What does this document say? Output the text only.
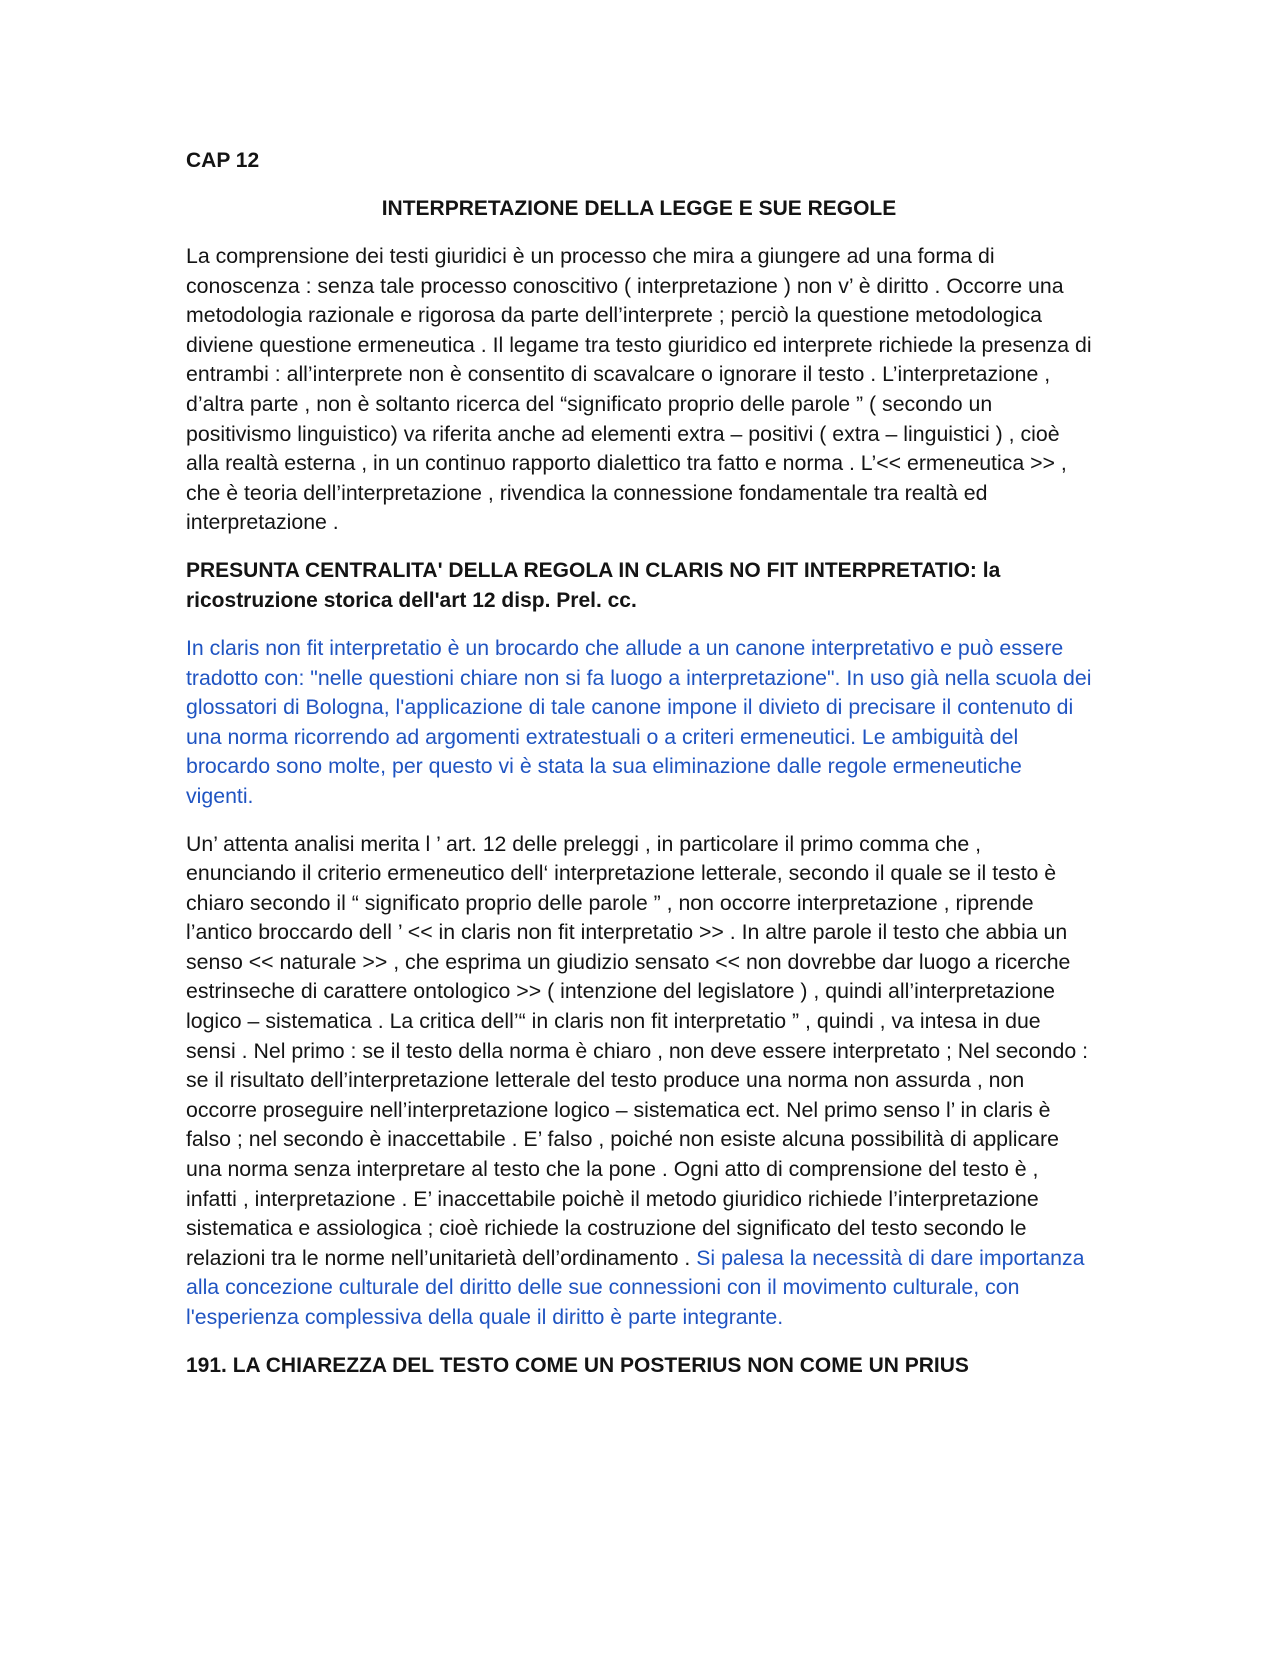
CAP 12
INTERPRETAZIONE DELLA LEGGE E SUE REGOLE
La comprensione dei testi giuridici è un processo che mira a giungere ad una forma di conoscenza : senza tale processo conoscitivo ( interpretazione ) non v’ è diritto . Occorre una metodologia razionale e rigorosa da parte dell’interprete ; perciò la questione metodologica diviene questione ermeneutica . Il legame tra testo giuridico ed interprete richiede la presenza di entrambi : all’interprete non è consentito di scavalcare o ignorare il testo . L’interpretazione , d’altra parte , non è soltanto ricerca del “significato proprio delle parole ” ( secondo un positivismo linguistico) va riferita anche ad elementi extra – positivi ( extra – linguistici ) , cioè alla realtà esterna , in un continuo rapporto dialettico tra fatto e norma . L’<< ermeneutica >> , che è teoria dell’interpretazione , rivendica la connessione fondamentale tra realtà ed interpretazione .
PRESUNTA CENTRALITA' DELLA REGOLA IN CLARIS NO FIT INTERPRETATIO: la ricostruzione storica dell'art 12 disp. Prel. cc.
In claris non fit interpretatio è un brocardo che allude a un canone interpretativo e può essere tradotto con: "nelle questioni chiare non si fa luogo a interpretazione". In uso già nella scuola dei glossatori di Bologna, l'applicazione di tale canone impone il divieto di precisare il contenuto di una norma ricorrendo ad argomenti extratestuali o a criteri ermeneutici. Le ambiguità del brocardo sono molte, per questo vi è stata la sua eliminazione dalle regole ermeneutiche vigenti.
Un’ attenta analisi merita l ’ art. 12 delle preleggi , in particolare il primo comma che , enunciando il criterio ermeneutico dell‘ interpretazione letterale, secondo il quale se il testo è chiaro secondo il “ significato proprio delle parole ” , non occorre interpretazione , riprende l’antico broccardo dell ’ << in claris non fit interpretatio >> . In altre parole il testo che abbia un senso << naturale >> , che esprima un giudizio sensato << non dovrebbe dar luogo a ricerche estrinseche di carattere ontologico >> ( intenzione del legislatore ) , quindi all’interpretazione logico – sistematica . La critica dell’“ in claris non fit interpretatio ” , quindi , va intesa in due sensi . Nel primo : se il testo della norma è chiaro , non deve essere interpretato ; Nel secondo : se il risultato dell’interpretazione letterale del testo produce una norma non assurda , non occorre proseguire nell’interpretazione logico – sistematica ect. Nel primo senso l’ in claris è falso ; nel secondo è inaccettabile . E’ falso , poiché non esiste alcuna possibilità di applicare una norma senza interpretare al testo che la pone . Ogni atto di comprensione del testo è , infatti , interpretazione . E’ inaccettabile poichè il metodo giuridico richiede l’interpretazione sistematica e assiologica ; cioè richiede la costruzione del significato del testo secondo le relazioni tra le norme nell’unitarietà dell’ordinamento . Si palesa la necessità di dare importanza alla concezione culturale del diritto delle sue connessioni con il movimento culturale, con l'esperienza complessiva della quale il diritto è parte integrante.
191. LA CHIAREZZA DEL TESTO COME UN POSTERIUS NON COME UN PRIUS
